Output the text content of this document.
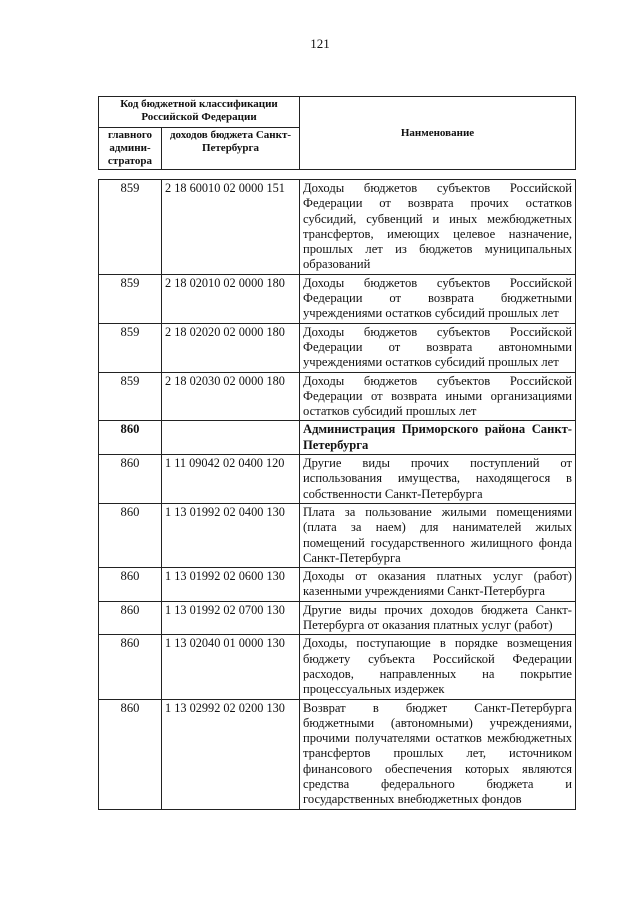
121
Код бюджетной классификации Российской Федерации		Нанменование
главного админи- стратора	доходов бюджета Санкт-Петербурга	
859	2 18 60010 02 0000 151	Доходы бюджетов субъектов Российской Федерации от возврата прочих остатков субсидий, субвенций и иных межбюджетных трансфертов, имеющих целевое назначение, прошлых лет из бюджетов муниципальных образований
859	2 18 02010 02 0000 180	Доходы бюджетов субъектов Российской Федерации от возврата бюджетными учреждениями остатков субсидий прошлых лет
859	2 18 02020 02 0000 180	Доходы бюджетов субъектов Российской Федерации от возврата автономными учреждениями остатков субсидий прошлых лет
859	2 18 02030 02 0000 180	Доходы бюджетов субъектов Российской Федерации от возврата иными организациями остатков субсидий прошлых лет
860		Администрация Приморского района Санкт-Петербурга
860	1 11 09042 02 0400 120	Другие виды прочих поступлений от использования имущества, находящегося в собственности Санкт-Петербурга
860	1 13 01992 02 0400 130	Плата за пользование жилыми помещениями (плата за наем) для нанимателей жилых помещений государственного жилищного фонда Санкт-Петербурга
860	1 13 01992 02 0600 130	Доходы от оказания платных услуг (работ) казенными учреждениями Санкт-Петербурга
860	1 13 01992 02 0700 130	Другие виды прочих доходов бюджета Санкт-Петербурга от оказания платных услуг (работ)
860	1 13 02040 01 0000 130	Доходы, поступающие в порядке возмещения бюджету субъекта Российской Федерации расходов, направленных на покрытие процессуальных издержек
860	1 13 02992 02 0200 130	Возврат в бюджет Санкт-Петербурга бюджетными (автономными) учреждениями, прочими получателями остатков межбюджетных трансфертов прошлых лет, источником финансового обеспечения которых являются средства федерального бюджета и государственных внебюджетных фондов
